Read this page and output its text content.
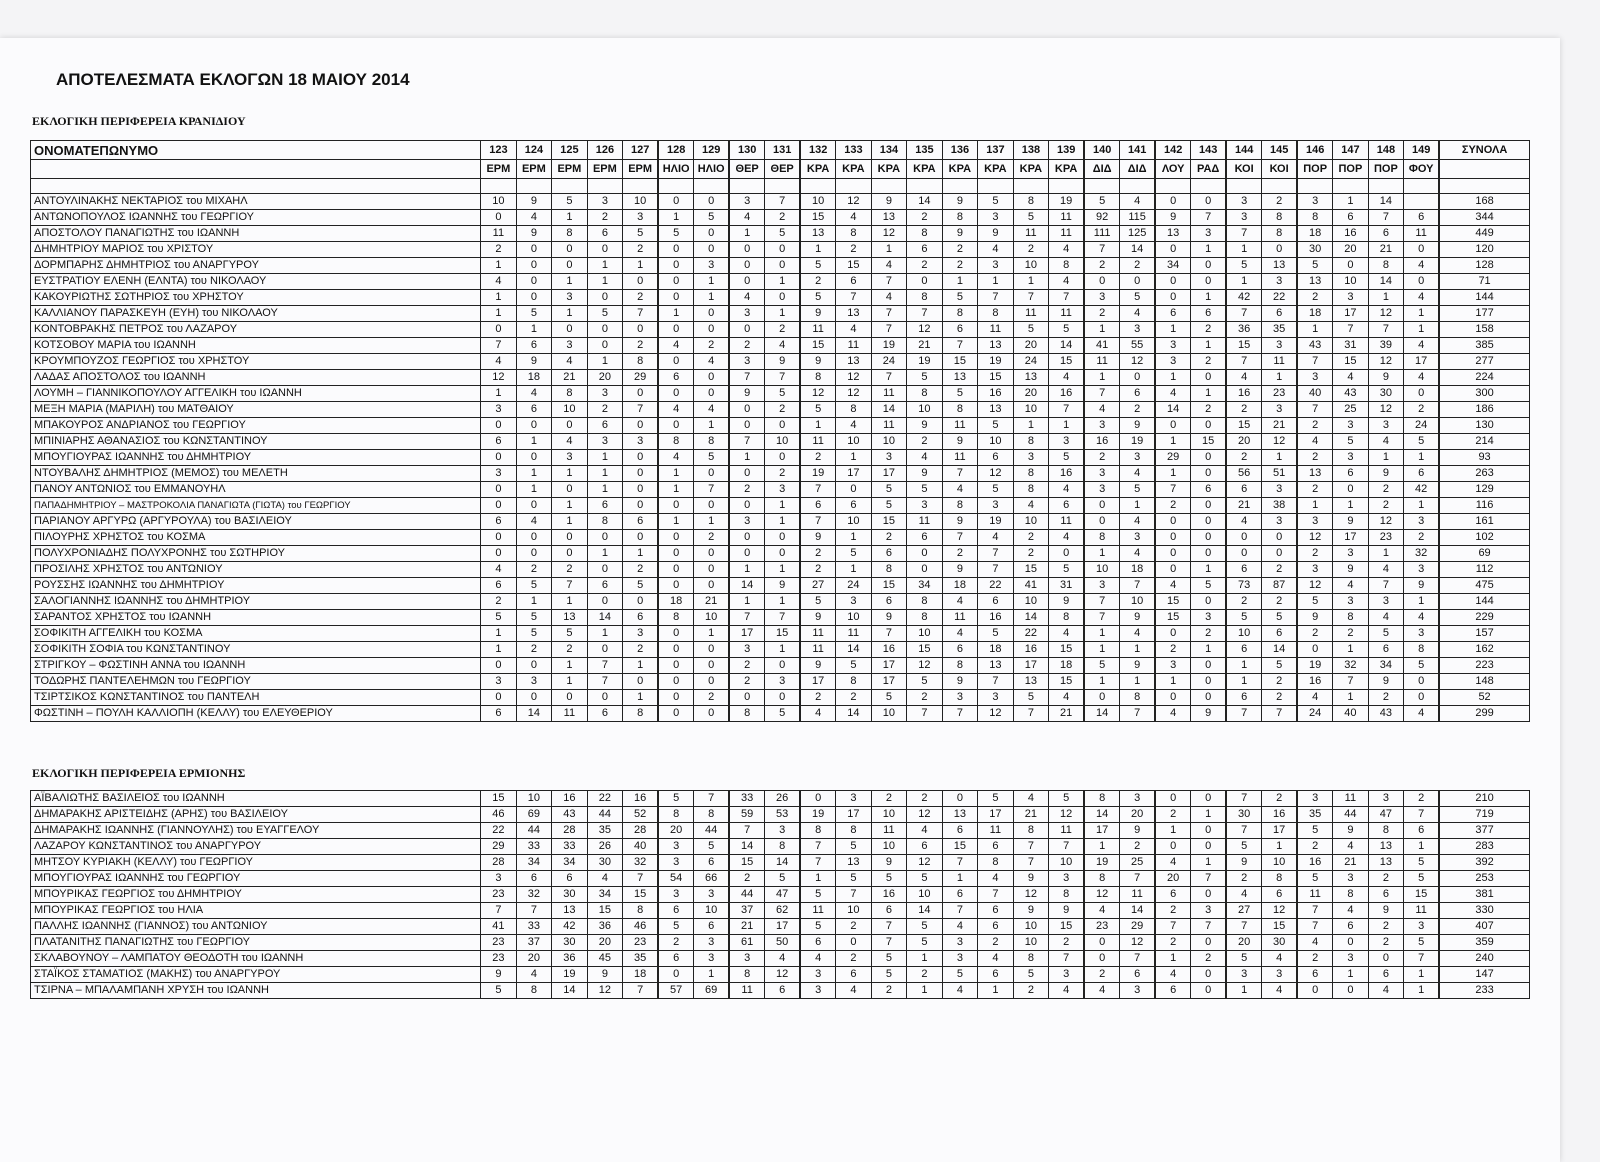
ΑΠΟΤΕΛΕΣΜΑΤΑ ΕΚΛΟΓΩΝ 18 ΜΑΙΟΥ 2014
ΕΚΛΟΓΙΚΗ ΠΕΡΙΦΕΡΕΙΑ ΚΡΑΝΙΔΙΟΥ
ΟΝΟΜΑΤΕΠΩΝΥΜΟ	123	124	125	126	127	128	129	130	131	132	133	134	135	136	137	138	139	140	141	142	143	144	145	146	147	148	149	ΣΥΝΟΛΑ
	ΕΡΜ	ΕΡΜ	ΕΡΜ	ΕΡΜ	ΕΡΜ	ΗΛΙΟ	ΗΛΙΟ	ΘΕΡ	ΘΕΡ	ΚΡΑ	ΚΡΑ	ΚΡΑ	ΚΡΑ	ΚΡΑ	ΚΡΑ	ΚΡΑ	ΚΡΑ	ΔΙΔ	ΔΙΔ	ΛΟΥ	ΡΑΔ	ΚΟΙ	ΚΟΙ	ΠΟΡ	ΠΟΡ	ΠΟΡ	ΦΟΥ	

ΑΝΤΟΥΛΙΝΑΚΗΣ ΝΕΚΤΑΡΙΟΣ του ΜΙΧΑΗΛ	10	9	5	3	10	0	0	3	7	10	12	9	14	9	5	8	19	5	4	0	0	3	2	3	1	14		168
ΑΝΤΩΝΟΠΟΥΛΟΣ ΙΩΑΝΝΗΣ του ΓΕΩΡΓΙΟΥ	0	4	1	2	3	1	5	4	2	15	4	13	2	8	3	5	11	92	115	9	7	3	8	8	6	7	6	344
ΑΠΟΣΤΟΛΟΥ ΠΑΝΑΓΙΩΤΗΣ του ΙΩΑΝΝΗ	11	9	8	6	5	5	0	1	5	13	8	12	8	9	9	11	11	111	125	13	3	7	8	18	16	6	11	449
ΔΗΜΗΤΡΙΟΥ ΜΑΡΙΟΣ του ΧΡΙΣΤΟΥ	2	0	0	0	2	0	0	0	0	1	2	1	6	2	4	2	4	7	14	0	1	1	0	30	20	21	0	120
ΔΟΡΜΠΑΡΗΣ ΔΗΜΗΤΡΙΟΣ του ΑΝΑΡΓΥΡΟΥ	1	0	0	1	1	0	3	0	0	5	15	4	2	2	3	10	8	2	2	34	0	5	13	5	0	8	4	128
ΕΥΣΤΡΑΤΙΟΥ ΕΛΕΝΗ (ΕΛΝΤΑ) του ΝΙΚΟΛΑΟΥ	4	0	1	1	0	0	1	0	1	2	6	7	0	1	1	1	4	0	0	0	0	1	3	13	10	14	0	71
ΚΑΚΟΥΡΙΩΤΗΣ ΣΩΤΗΡΙΟΣ του ΧΡΗΣΤΟΥ	1	0	3	0	2	0	1	4	0	5	7	4	8	5	7	7	7	3	5	0	1	42	22	2	3	1	4	144
ΚΑΛΛΙΑΝΟΥ ΠΑΡΑΣΚΕΥΗ (ΕΥΗ) του ΝΙΚΟΛΑΟΥ	1	5	1	5	7	1	0	3	1	9	13	7	7	8	8	11	11	2	4	6	6	7	6	18	17	12	1	177
ΚΟΝΤΟΒΡΑΚΗΣ ΠΕΤΡΟΣ του ΛΑΖΑΡΟΥ	0	1	0	0	0	0	0	0	2	11	4	7	12	6	11	5	5	1	3	1	2	36	35	1	7	7	1	158
ΚΟΤΣΟΒΟΥ ΜΑΡΙΑ του ΙΩΑΝΝΗ	7	6	3	0	2	4	2	2	4	15	11	19	21	7	13	20	14	41	55	3	1	15	3	43	31	39	4	385
ΚΡΟΥΜΠΟΥΖΟΣ ΓΕΩΡΓΙΟΣ του ΧΡΗΣΤΟΥ	4	9	4	1	8	0	4	3	9	9	13	24	19	15	19	24	15	11	12	3	2	7	11	7	15	12	17	277
ΛΑΔΑΣ ΑΠΟΣΤΟΛΟΣ του ΙΩΑΝΝΗ	12	18	21	20	29	6	0	7	7	8	12	7	5	13	15	13	4	1	0	1	0	4	1	3	4	9	4	224
ΛΟΥΜΗ – ΓΙΑΝΝΙΚΟΠΟΥΛΟΥ ΑΓΓΕΛΙΚΗ του ΙΩΑΝΝΗ	1	4	8	3	0	0	0	9	5	12	12	11	8	5	16	20	16	7	6	4	1	16	23	40	43	30	0	300
ΜΕΞΗ ΜΑΡΙΑ (ΜΑΡΙΛΗ) του ΜΑΤΘΑΙΟΥ	3	6	10	2	7	4	4	0	2	5	8	14	10	8	13	10	7	4	2	14	2	2	3	7	25	12	2	186
ΜΠΑΚΟΥΡΟΣ ΑΝΔΡΙΑΝΟΣ του ΓΕΩΡΓΙΟΥ	0	0	0	6	0	0	1	0	0	1	4	11	9	11	5	1	1	3	9	0	0	15	21	2	3	3	24	130
ΜΠΙΝΙΑΡΗΣ ΑΘΑΝΑΣΙΟΣ του ΚΩΝΣΤΑΝΤΙΝΟΥ	6	1	4	3	3	8	8	7	10	11	10	10	2	9	10	8	3	16	19	1	15	20	12	4	5	4	5	214
ΜΠΟΥΓΙΟΥΡΑΣ ΙΩΑΝΝΗΣ του ΔΗΜΗΤΡΙΟΥ	0	0	3	1	0	4	5	1	0	2	1	3	4	11	6	3	5	2	3	29	0	2	1	2	3	1	1	93
ΝΤΟΥΒΑΛΗΣ ΔΗΜΗΤΡΙΟΣ (ΜΕΜΟΣ) του ΜΕΛΕΤΗ	3	1	1	1	0	1	0	0	2	19	17	17	9	7	12	8	16	3	4	1	0	56	51	13	6	9	6	263
ΠΑΝΟΥ ΑΝΤΩΝΙΟΣ του ΕΜΜΑΝΟΥΗΛ	0	1	0	1	0	1	7	2	3	7	0	5	5	4	5	8	4	3	5	7	6	6	3	2	0	2	42	129
ΠΑΠΑΔΗΜΗΤΡΙΟΥ – ΜΑΣΤΡΟΚΟΛΙΑ ΠΑΝΑΓΙΩΤΑ (ΓΙΩΤΑ) του ΓΕΩΡΓΙΟΥ	0	0	1	6	0	0	0	0	1	6	6	5	3	8	3	4	6	0	1	2	0	21	38	1	1	2	1	116
ΠΑΡΙΑΝΟΥ ΑΡΓΥΡΩ (ΑΡΓΥΡΟΥΛΑ) του ΒΑΣΙΛΕΙΟΥ	6	4	1	8	6	1	1	3	1	7	10	15	11	9	19	10	11	0	4	0	0	4	3	3	9	12	3	161
ΠΙΛΟΥΡΗΣ ΧΡΗΣΤΟΣ του ΚΟΣΜΑ	0	0	0	0	0	0	2	0	0	9	1	2	6	7	4	2	4	8	3	0	0	0	0	12	17	23	2	102
ΠΟΛΥΧΡΟΝΙΑΔΗΣ ΠΟΛΥΧΡΟΝΗΣ του ΣΩΤΗΡΙΟΥ	0	0	0	1	1	0	0	0	0	2	5	6	0	2	7	2	0	1	4	0	0	0	0	2	3	1	32	69
ΠΡΟΣΙΛΗΣ ΧΡΗΣΤΟΣ του ΑΝΤΩΝΙΟΥ	4	2	2	0	2	0	0	1	1	2	1	8	0	9	7	15	5	10	18	0	1	6	2	3	9	4	3	112
ΡΟΥΣΣΗΣ ΙΩΑΝΝΗΣ του ΔΗΜΗΤΡΙΟΥ	6	5	7	6	5	0	0	14	9	27	24	15	34	18	22	41	31	3	7	4	5	73	87	12	4	7	9	475
ΣΑΛΟΓΙΑΝΝΗΣ ΙΩΑΝΝΗΣ του ΔΗΜΗΤΡΙΟΥ	2	1	1	0	0	18	21	1	1	5	3	6	8	4	6	10	9	7	10	15	0	2	2	5	3	3	1	144
ΣΑΡΑΝΤΟΣ ΧΡΗΣΤΟΣ του ΙΩΑΝΝΗ	5	5	13	14	6	8	10	7	7	9	10	9	8	11	16	14	8	7	9	15	3	5	5	9	8	4	4	229
ΣΟΦΙΚΙΤΗ ΑΓΓΕΛΙΚΗ του ΚΟΣΜΑ	1	5	5	1	3	0	1	17	15	11	11	7	10	4	5	22	4	1	4	0	2	10	6	2	2	5	3	157
ΣΟΦΙΚΙΤΗ ΣΟΦΙΑ του ΚΩΝΣΤΑΝΤΙΝΟΥ	1	2	2	0	2	0	0	3	1	11	14	16	15	6	18	16	15	1	1	2	1	6	14	0	1	6	8	162
ΣΤΡΙΓΚΟΥ – ΦΩΣΤΙΝΗ ΑΝΝΑ του ΙΩΑΝΝΗ	0	0	1	7	1	0	0	2	0	9	5	17	12	8	13	17	18	5	9	3	0	1	5	19	32	34	5	223
ΤΟΔΩΡΗΣ ΠΑΝΤΕΛΕΗΜΩΝ του ΓΕΩΡΓΙΟΥ	3	3	1	7	0	0	0	2	3	17	8	17	5	9	7	13	15	1	1	1	0	1	2	16	7	9	0	148
ΤΣΙΡΤΣΙΚΟΣ ΚΩΝΣΤΑΝΤΙΝΟΣ του ΠΑΝΤΕΛΗ	0	0	0	0	1	0	2	0	0	2	2	5	2	3	3	5	4	0	8	0	0	6	2	4	1	2	0	52
ΦΩΣΤΙΝΗ – ΠΟΥΛΗ ΚΑΛΛΙΟΠΗ (ΚΕΛΛΥ) του ΕΛΕΥΘΕΡΙΟΥ	6	14	11	6	8	0	0	8	5	4	14	10	7	7	12	7	21	14	7	4	9	7	7	24	40	43	4	299
ΕΚΛΟΓΙΚΗ ΠΕΡΙΦΕΡΕΙΑ ΕΡΜΙΟΝΗΣ
ΑΪΒΑΛΙΩΤΗΣ ΒΑΣΙΛΕΙΟΣ του ΙΩΑΝΝΗ	15	10	16	22	16	5	7	33	26	0	3	2	2	0	5	4	5	8	3	0	0	7	2	3	11	3	2	210
ΔΗΜΑΡΑΚΗΣ ΑΡΙΣΤΕΙΔΗΣ (ΑΡΗΣ) του ΒΑΣΙΛΕΙΟΥ	46	69	43	44	52	8	8	59	53	19	17	10	12	13	17	21	12	14	20	2	1	30	16	35	44	47	7	719
ΔΗΜΑΡΑΚΗΣ ΙΩΑΝΝΗΣ (ΓΙΑΝΝΟΥΛΗΣ) του ΕΥΑΓΓΕΛΟΥ	22	44	28	35	28	20	44	7	3	8	8	11	4	6	11	8	11	17	9	1	0	7	17	5	9	8	6	377
ΛΑΖΑΡΟΥ ΚΩΝΣΤΑΝΤΙΝΟΣ του ΑΝΑΡΓΥΡΟΥ	29	33	33	26	40	3	5	14	8	7	5	10	6	15	6	7	7	1	2	0	0	5	1	2	4	13	1	283
ΜΗΤΣΟΥ ΚΥΡΙΑΚΗ (ΚΕΛΛΥ) του ΓΕΩΡΓΙΟΥ	28	34	34	30	32	3	6	15	14	7	13	9	12	7	8	7	10	19	25	4	1	9	10	16	21	13	5	392
ΜΠΟΥΓΙΟΥΡΑΣ ΙΩΑΝΝΗΣ του ΓΕΩΡΓΙΟΥ	3	6	6	4	7	54	66	2	5	1	5	5	5	1	4	9	3	8	7	20	7	2	8	5	3	2	5	253
ΜΠΟΥΡΙΚΑΣ ΓΕΩΡΓΙΟΣ του ΔΗΜΗΤΡΙΟΥ	23	32	30	34	15	3	3	44	47	5	7	16	10	6	7	12	8	12	11	6	0	4	6	11	8	6	15	381
ΜΠΟΥΡΙΚΑΣ ΓΕΩΡΓΙΟΣ του ΗΛΙΑ	7	7	13	15	8	6	10	37	62	11	10	6	14	7	6	9	9	4	14	2	3	27	12	7	4	9	11	330
ΠΑΛΛΗΣ ΙΩΑΝΝΗΣ (ΓΙΑΝΝΟΣ) του ΑΝΤΩΝΙΟΥ	41	33	42	36	46	5	6	21	17	5	2	7	5	4	6	10	15	23	29	7	7	7	15	7	6	2	3	407
ΠΛΑΤΑΝΙΤΗΣ ΠΑΝΑΓΙΩΤΗΣ του ΓΕΩΡΓΙΟΥ	23	37	30	20	23	2	3	61	50	6	0	7	5	3	2	10	2	0	12	2	0	20	30	4	0	2	5	359
ΣΚΛΑΒΟΥΝΟΥ – ΛΑΜΠΑΤΟΥ ΘΕΟΔΟΤΗ του ΙΩΑΝΝΗ	23	20	36	45	35	6	3	3	4	4	2	5	1	3	4	8	7	0	7	1	2	5	4	2	3	0	7	240
ΣΤΑΪΚΟΣ ΣΤΑΜΑΤΙΟΣ (ΜΑΚΗΣ) του ΑΝΑΡΓΥΡΟΥ	9	4	19	9	18	0	1	8	12	3	6	5	2	5	6	5	3	2	6	4	0	3	3	6	1	6	1	147
ΤΣΙΡΝΑ – ΜΠΑΛΑΜΠΑΝΗ ΧΡΥΣΗ του ΙΩΑΝΝΗ	5	8	14	12	7	57	69	11	6	3	4	2	1	4	1	2	4	4	3	6	0	1	4	0	0	4	1	233
